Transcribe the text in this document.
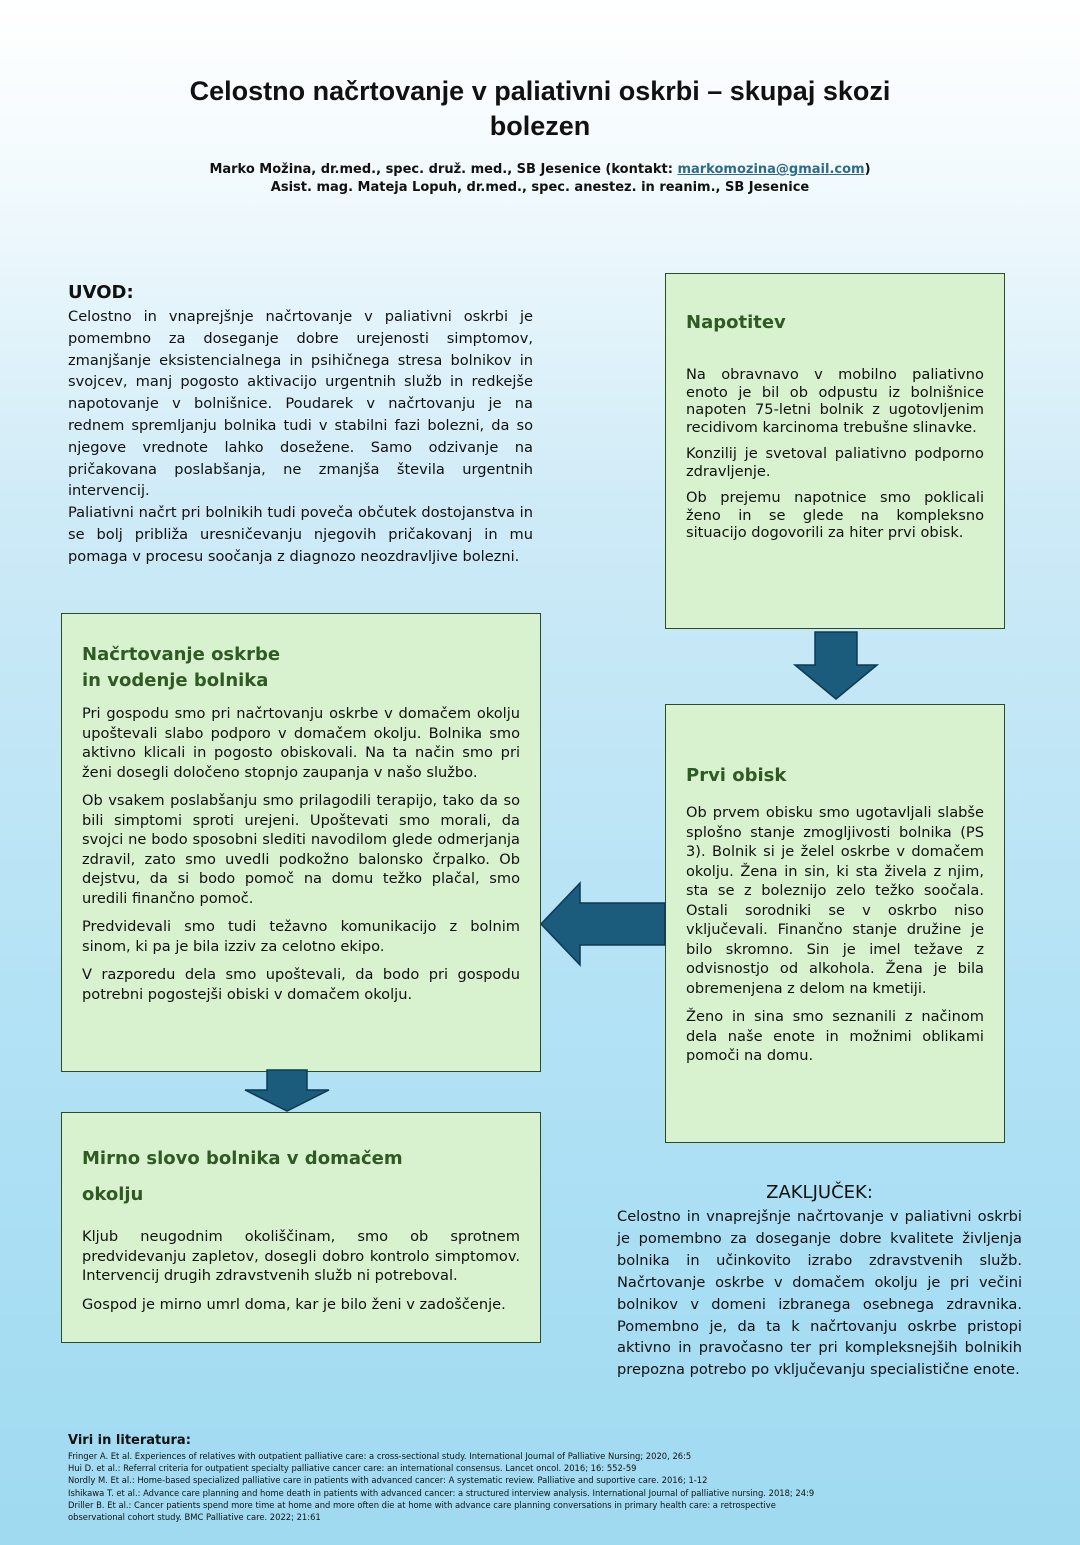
Celostno načrtovanje v paliativni oskrbi – skupaj skozi bolezen
Marko Možina, dr.med., spec. druž. med., SB Jesenice (kontakt: markomozina@gmail.com)
Asist. mag. Mateja Lopuh, dr.med., spec. anestez. in reanim., SB Jesenice
UVOD:

Celostno in vnaprejšnje načrtovanje v paliativni oskrbi je pomembno za doseganje dobre urejenosti simptomov, zmanjšanje eksistencialnega in psihičnega stresa bolnikov in svojcev, manj pogosto aktivacijo urgentnih služb in redkejše napotovanje v bolnišnice. Poudarek v načrtovanju je na rednem spremljanju bolnika tudi v stabilni fazi bolezni, da so njegove vrednote lahko dosežene. Samo odzivanje na pričakovana poslabšanja, ne zmanjša števila urgentnih intervencij.

Paliativni načrt pri bolnikih tudi poveča občutek dostojanstva in se bolj približa uresničevanju njegovih pričakovanj in mu pomaga v procesu soočanja z diagnozo neozdravljive bolezni.

Napotitev

Na obravnavo v mobilno paliativno enoto je bil ob odpustu iz bolnišnice napoten 75-letni bolnik z ugotovljenim recidivom karcinoma trebušne slinavke.

Konzilij je svetoval paliativno podporno zdravljenje.

Ob prejemu napotnice smo poklicali ženo in se glede na kompleksno situacijo dogovorili za hiter prvi obisk.

Prvi obisk

Ob prvem obisku smo ugotavljali slabše splošno stanje zmogljivosti bolnika (PS 3). Bolnik si je želel oskrbe v domačem okolju. Žena in sin, ki sta živela z njim, sta se z boleznijo zelo težko soočala. Ostali sorodniki se v oskrbo niso vključevali. Finančno stanje družine je bilo skromno. Sin je imel težave z odvisnostjo od alkohola. Žena je bila obremenjena z delom na kmetiji.

Ženo in sina smo seznanili z načinom dela naše enote in možnimi oblikami pomoči na domu.

Načrtovanje oskrbe
in vodenje bolnika

Pri gospodu smo pri načrtovanju oskrbe v domačem okolju upoštevali slabo podporo v domačem okolju. Bolnika smo aktivno klicali in pogosto obiskovali. Na ta način smo pri ženi dosegli določeno stopnjo zaupanja v našo službo.

Ob vsakem poslabšanju smo prilagodili terapijo, tako da so bili simptomi sproti urejeni. Upoštevati smo morali, da svojci ne bodo sposobni slediti navodilom glede odmerjanja zdravil, zato smo uvedli podkožno balonsko črpalko. Ob dejstvu, da si bodo pomoč na domu težko plačal, smo uredili finančno pomoč.

Predvidevali smo tudi težavno komunikacijo z bolnim sinom, ki pa je bila izziv za celotno ekipo.

V razporedu dela smo upoštevali, da bodo pri gospodu potrebni pogostejši obiski v domačem okolju.

Mirno slovo bolnika v domačem
okolju

Kljub neugodnim okoliščinam, smo ob sprotnem predvidevanju zapletov, dosegli dobro kontrolo simptomov. Intervencij drugih zdravstvenih služb ni potreboval.

Gospod je mirno umrl doma, kar je bilo ženi v zadoščenje.

ZAKLJUČEK:

Celostno in vnaprejšnje načrtovanje v paliativni oskrbi je pomembno za doseganje dobre kvalitete življenja bolnika in učinkovito izrabo zdravstvenih služb. Načrtovanje oskrbe v domačem okolju je pri večini bolnikov v domeni izbranega osebnega zdravnika. Pomembno je, da ta k načrtovanju oskrbe pristopi aktivno in pravočasno ter pri kompleksnejših bolnikih prepozna potrebo po vključevanju specialistične enote.

Viri in literatura:
Fringer A. Et al. Experiences of relatives with outpatient palliative care: a cross-sectional study. International Journal of Palliative Nursing; 2020, 26:5
Hui D. et al.: Referral criteria for outpatient specialty palliative cancer care: an international consensus. Lancet oncol. 2016; 16: 552-59
Nordly M. Et al.: Home-based specialized palliative care in patients with advanced cancer: A systematic review. Palliative and suportive care. 2016; 1-12
Ishikawa T. et al.: Advance care planning and home death in patients with advanced cancer: a structured interview analysis. International Journal of palliative nursing. 2018; 24:9
Driller B. Et al.: Cancer patients spend more time at home and more often die at home with advance care planning conversations in primary health care: a retrospective
observational cohort study. BMC Palliative care. 2022; 21:61
